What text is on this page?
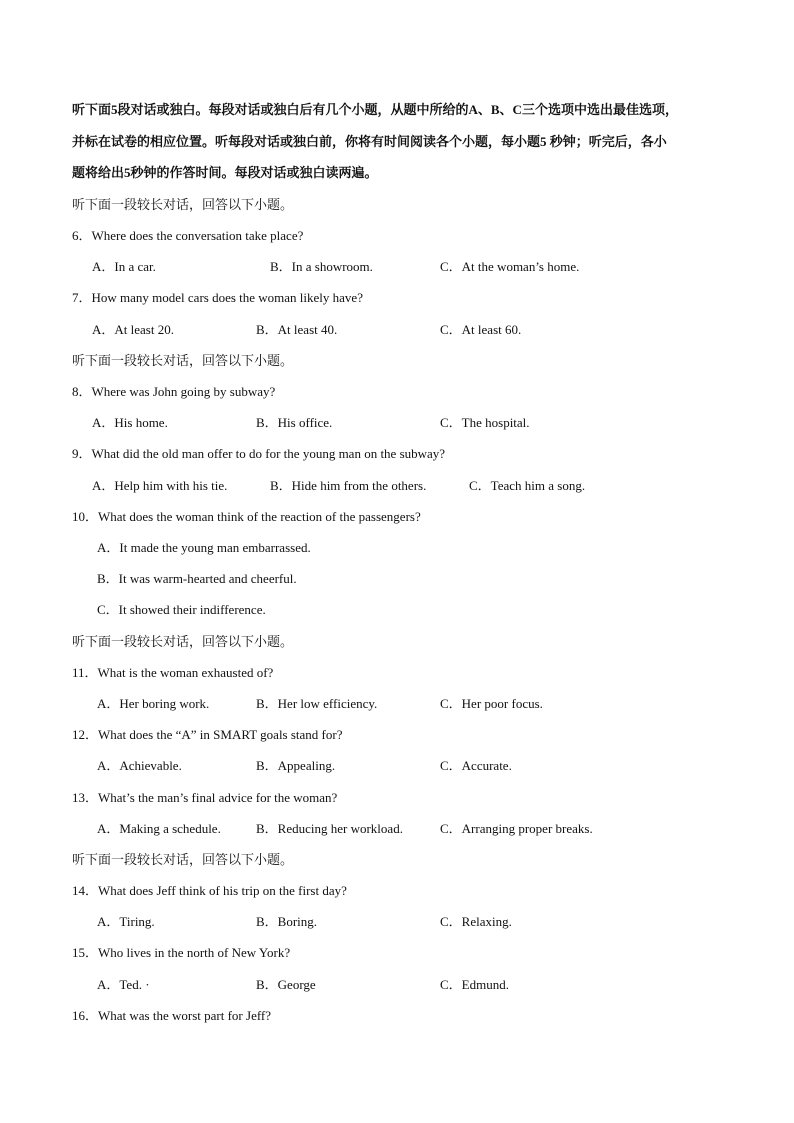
听下面5段对话或独白。每段对话或独白后有几个小题，从题中所给的A、B、C三个选项中选出最佳选项，
并标在试卷的相应位置。听每段对话或独白前，你将有时间阅读各个小题，每小题5 秒钟；听完后，各小
题将给出5秒钟的作答时间。每段对话或独白读两遍。
听下面一段较长对话，回答以下小题。
6．Where does the conversation take place?
A．In a car.	B．In a showroom.	C．At the woman’s home.
7．How many model cars does the woman likely have?
A．At least 20.	B．At least 40.	C．At least 60.
听下面一段较长对话，回答以下小题。
8．Where was John going by subway?
A．His home.	B．His office.	C．The hospital.
9．What did the old man offer to do for the young man on the subway?
A．Help him with his tie.	B．Hide him from the others.	C．Teach him a song.
10．What does the woman think of the reaction of the passengers?
A．It made the young man embarrassed.
B．It was warm-hearted and cheerful.
C．It showed their indifference.
听下面一段较长对话，回答以下小题。
11．What is the woman exhausted of?
A．Her boring work.	B．Her low efficiency.	C．Her poor focus.
12．What does the “A” in SMART goals stand for?
A．Achievable.	B．Appealing.	C．Accurate.
13．What’s the man’s final advice for the woman?
A．Making a schedule.	B．Reducing her workload.	C．Arranging proper breaks.
听下面一段较长对话，回答以下小题。
14．What does Jeff think of his trip on the first day?
A．Tiring.	B．Boring.	C．Relaxing.
15．Who lives in the north of New York?
A．Ted. ·	B．George	C．Edmund.
16．What was the worst part for Jeff?
